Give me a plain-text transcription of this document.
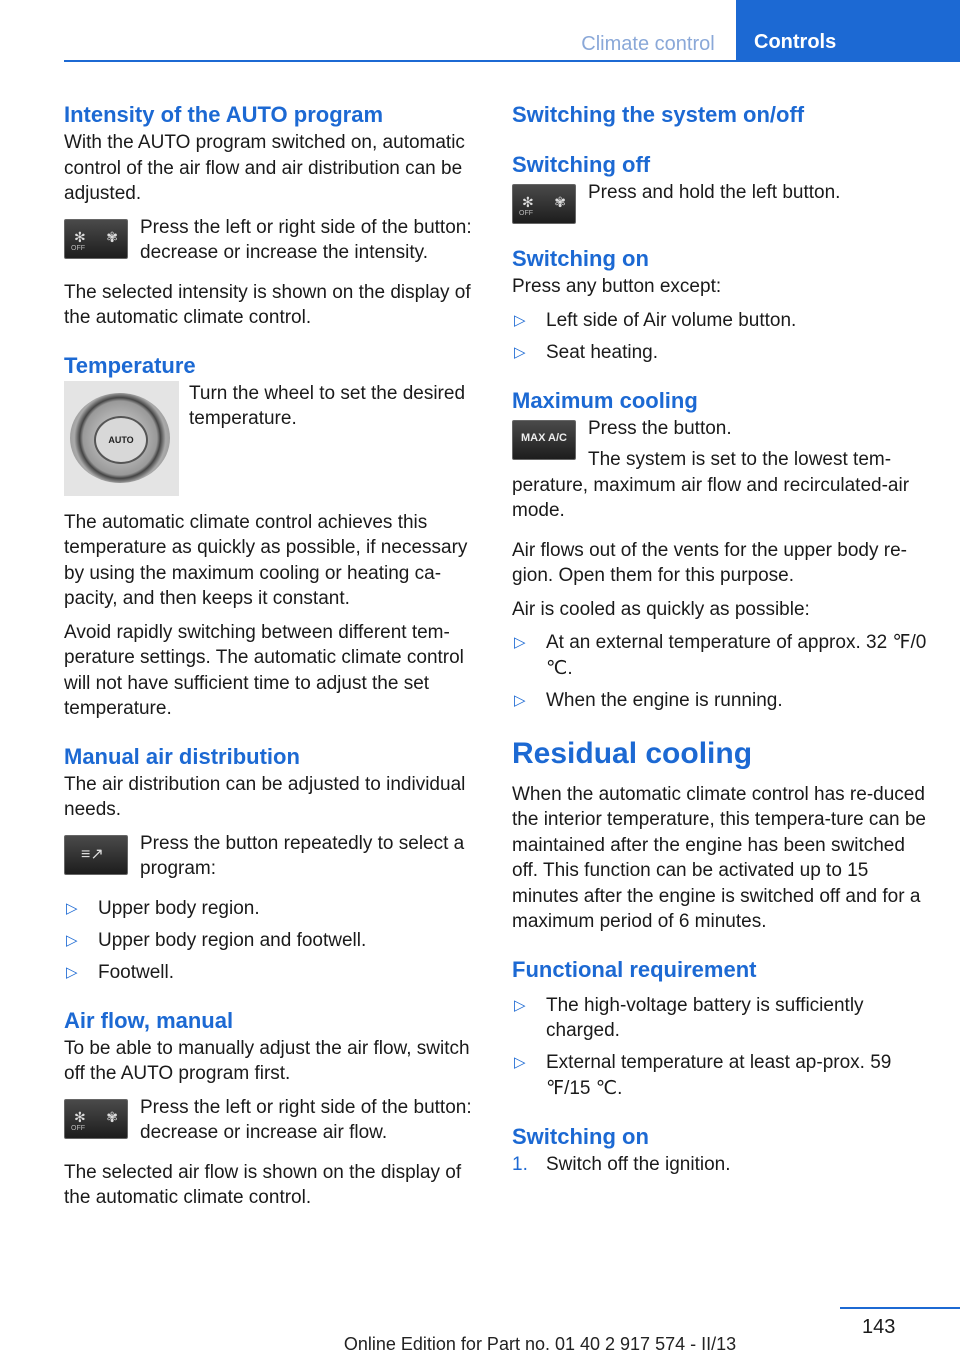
Climate control	Controls
Intensity of the AUTO program

With the AUTO program switched on, automatic control of the air flow and air distribution can be adjusted.

✻ ✾
OFF

Press the left or right side of the button: decrease or increase the intensity.

The selected intensity is shown on the display of the automatic climate control.

Temperature
AUTO

Turn the wheel to set the desired temperature.

The automatic climate control achieves this temperature as quickly as possible, if necessary by using the maximum cooling or heating ca‐pacity, and then keeps it constant.

Avoid rapidly switching between different tem‐perature settings. The automatic climate control will not have sufficient time to adjust the set temperature.

Manual air distribution

The air distribution can be adjusted to individual needs.

≡↗

Press the button repeatedly to select a program:

▷ Upper body region.
▷ Upper body region and footwell.
▷ Footwell.
Air flow, manual

To be able to manually adjust the air flow, switch off the AUTO program first.

✻ ✾
OFF

Press the left or right side of the button: decrease or increase air flow.

The selected air flow is shown on the display of the automatic climate control.

Switching the system on/off
Switching off
✻ ✾
OFF

Press and hold the left button.

Switching on

Press any button except:

▷ Left side of Air volume button.
▷ Seat heating.
Maximum cooling
MAX A/C	Press the button.

The system is set to the lowest tem‐

perature, maximum air flow and recirculated-air mode.

Air flows out of the vents for the upper body re‐gion. Open them for this purpose.

Air is cooled as quickly as possible:

▷ At an external temperature of approx. 32 ℉/0 ℃.
▷ When the engine is running.
Residual cooling

When the automatic climate control has re‐duced the interior temperature, this tempera‐ture can be maintained after the engine has been switched off. This function can be activated up to 15 minutes after the engine is switched off and for a maximum period of 6 minutes.

Functional requirement
▷ The high-voltage battery is sufficiently charged.
▷ External temperature at least ap‐prox. 59 ℉/15 ℃.
Switching on
1. Switch off the ignition.
143
Online Edition for Part no. 01 40 2 917 574 - II/13
